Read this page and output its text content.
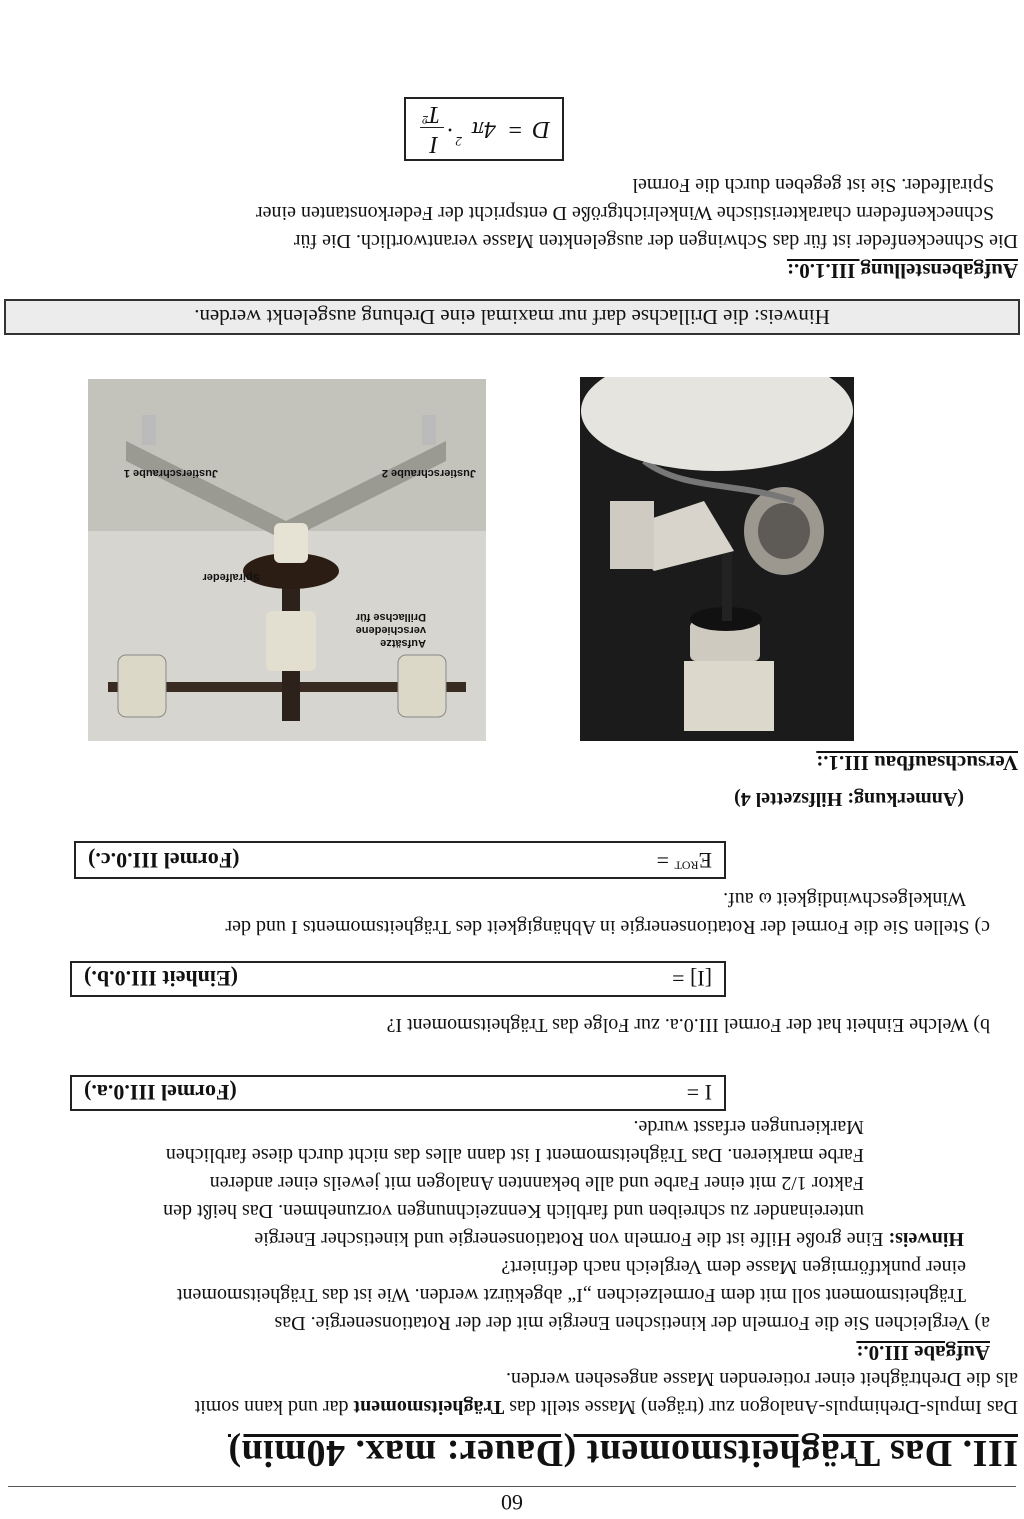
60
III. Das Trägheitsmoment (Dauer: max. 40min)
Das Impuls-Drehimpuls-Analogon zur (trägen) Masse stellt das Trägheitsmoment dar und kann somit
als die Drehträgheit einer rotierenden Masse angesehen werden.
Aufgabe III.0.:
a) Vergleichen Sie die Formeln der kinetischen Energie mit der der Rotationsenergie. Das
Trägheitsmoment soll mit dem Formelzeichen „I“ abgekürzt werden. Wie ist das Trägheitsmoment
einer punktförmigen Masse dem Vergleich nach definiert?
Hinweis: Eine große Hilfe ist die Formeln von Rotationsenergie und kinetischer Energie
untereinander zu schreiben und farblich Kennzeichnungen vorzunehmen. Das heißt den
Faktor 1/2 mit einer Farbe und alle bekannten Analogen mit jeweils einer anderen
Farbe markieren. Das Trägheitsmoment I ist dann alles das nicht durch diese farblichen
Markierungen erfasst wurde.
I =
(Formel III.0.a.)
b) Welche Einheit hat der Formel III.0.a. zur Folge das Trägheitsmoment I?
[I] =
(Einheit III.0.b.)
c) Stellen Sie die Formel der Rotationsenergie in Abhängigkeit des Trägheitsmoments I und der
Winkelgeschwindigkeit ω auf.
$E^{ROT}$ =
(Formel III.0.c.)
(Anmerkung: Hilfszettel 4)
Versuchsaufbau III.1.:
Justierschraube 2
Justierschraube 1
Spiralfeder
Aufsätze
verschiedene
Drillachse für
Hinweis: die Drillachse darf nur maximal eine Drehung ausgelenkt werden.
Aufgabenstellung III.1.0.:
Die Schneckenfeder ist für das Schwingen der ausgelenkten Masse verantwortlich. Die für
Schneckenfedern charakteristische Winkelrichtgröße D entspricht der Federkonstanten einer
Spiralfeder. Sie ist gegeben durch die Formel
D
=
4π
2
·
I
T
2
